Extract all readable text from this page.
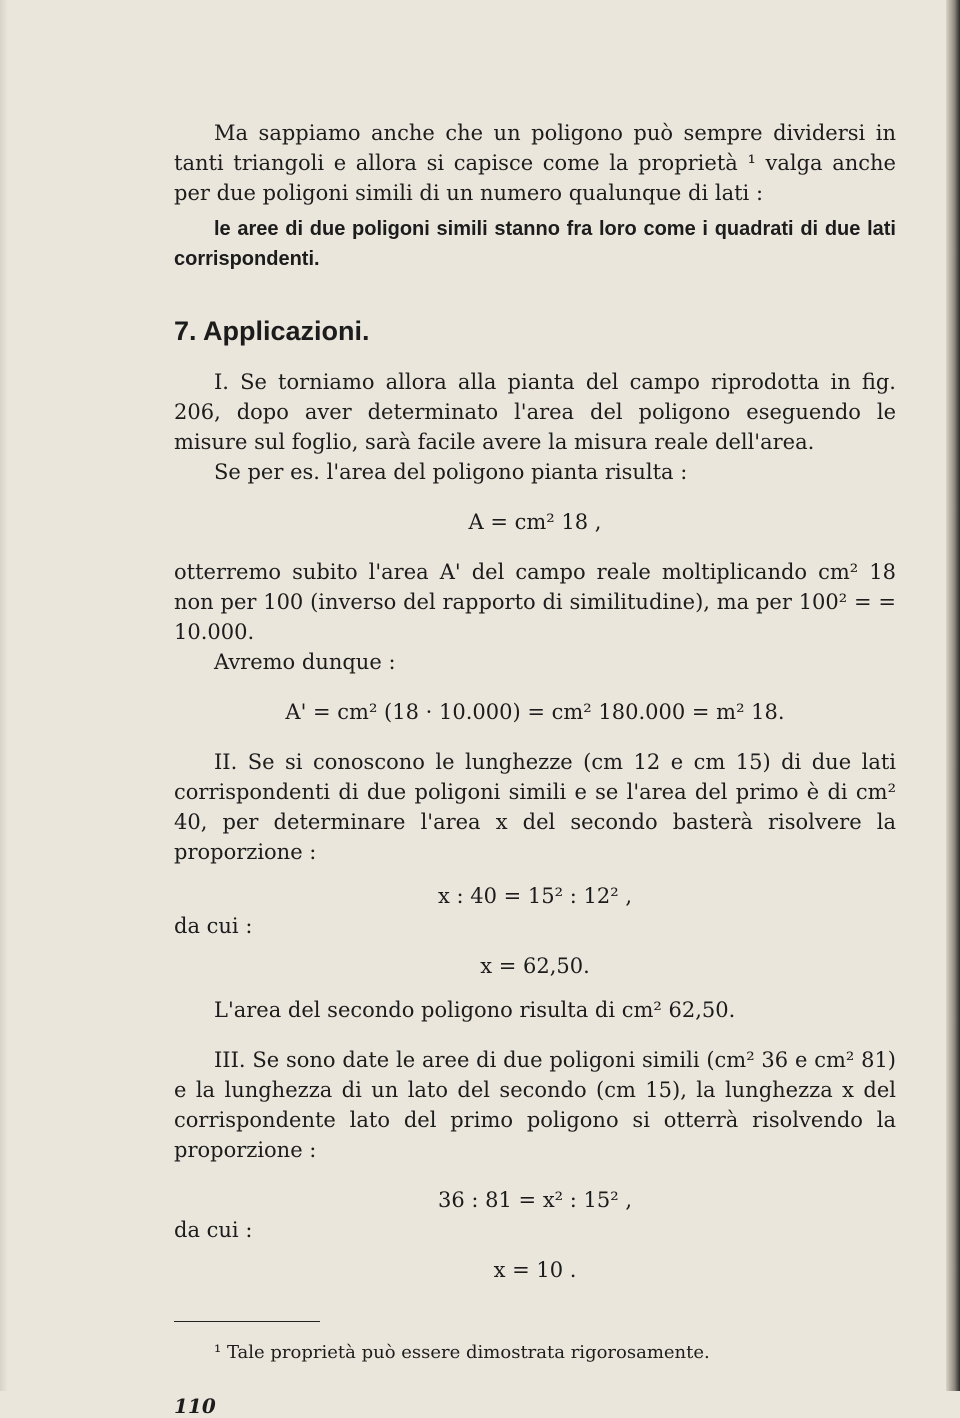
Ma sappiamo anche che un poligono può sempre dividersi in tanti triangoli e allora si capisce come la proprietà ¹ valga anche per due poligoni simili di un numero qualunque di lati :

le aree di due poligoni simili stanno fra loro come i quadrati di due lati corrispondenti.

7. Applicazioni.

I. Se torniamo allora alla pianta del campo riprodotta in fig. 206, dopo aver determinato l'area del poligono eseguendo le misure sul foglio, sarà facile avere la misura reale dell'area.

Se per es. l'area del poligono pianta risulta :

A = cm² 18 ,

otterremo subito l'area A' del campo reale moltiplicando cm² 18 non per 100 (inverso del rapporto di similitudine), ma per 100² = = 10.000.

Avremo dunque :

A' = cm² (18 · 10.000) = cm² 180.000 = m² 18.

II. Se si conoscono le lunghezze (cm 12 e cm 15) di due lati corrispondenti di due poligoni simili e se l'area del primo è di cm² 40, per determinare l'area x del secondo basterà risolvere la proporzione :

x : 40 = 15² : 12² ,
da cui :
x = 62,50.

L'area del secondo poligono risulta di cm² 62,50.

III. Se sono date le aree di due poligoni simili (cm² 36 e cm² 81) e la lunghezza di un lato del secondo (cm 15), la lunghezza x del corrispondente lato del primo poligono si otterrà risolvendo la proporzione :

36 : 81 = x² : 15² ,
da cui :
x = 10 .

¹ Tale proprietà può essere dimostrata rigorosamente.

110
